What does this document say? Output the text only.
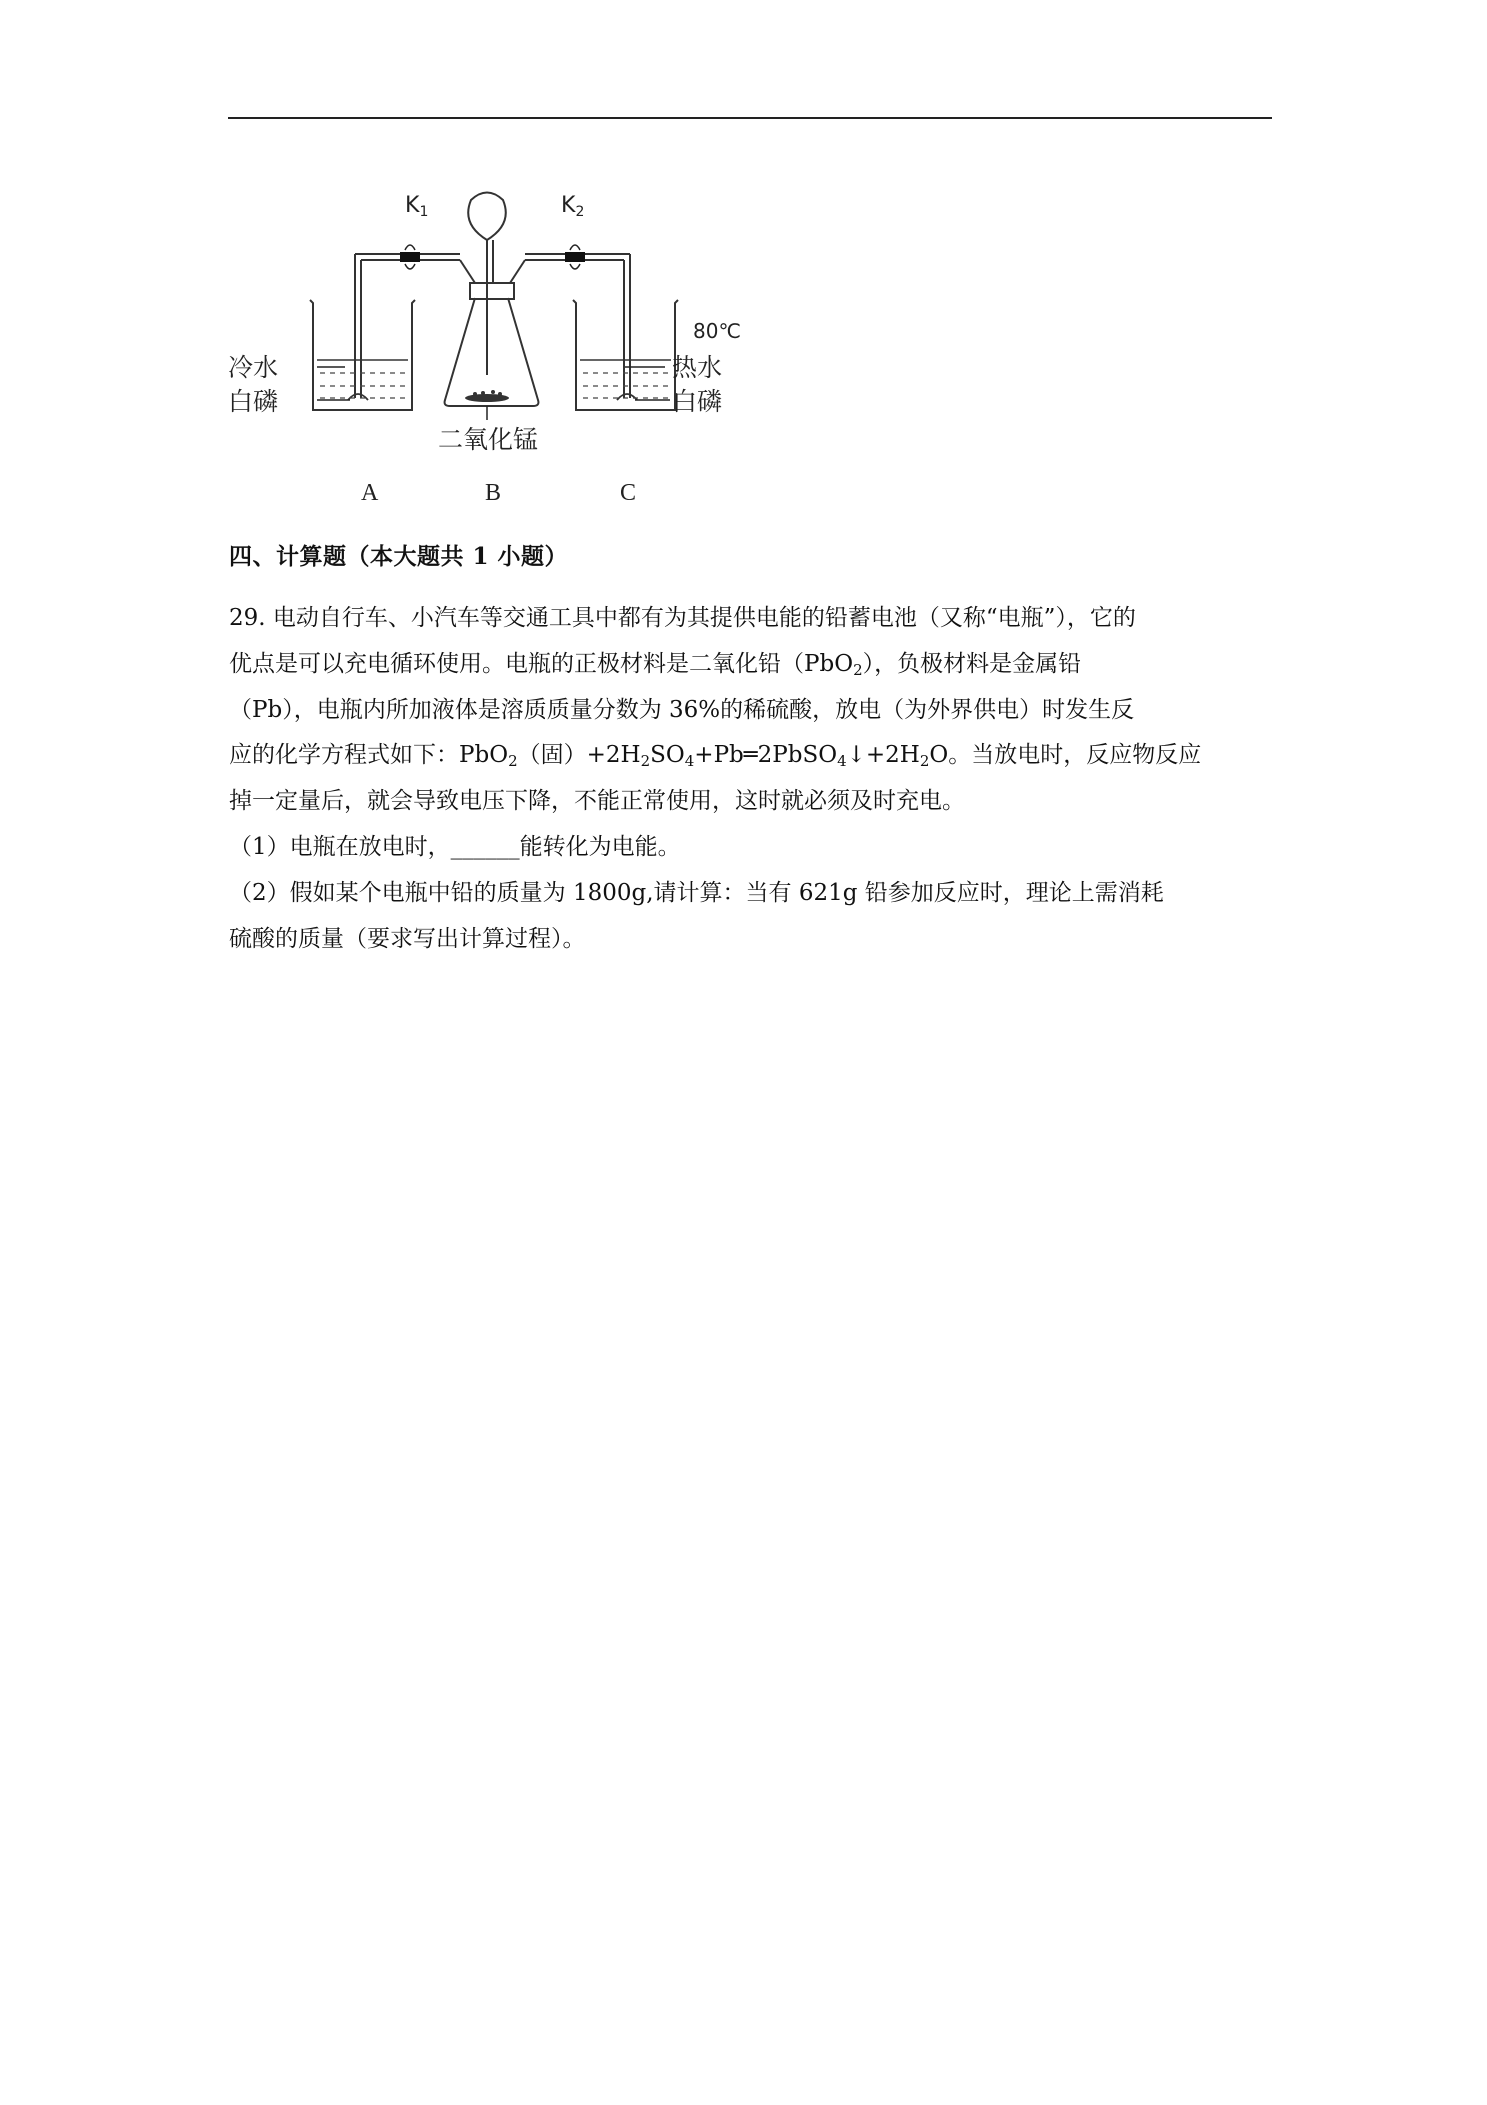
K1	K2
80℃
冷水
白磷
热水
白磷
二氧化锰
A	B	C
四、计算题（本大题共 1 小题）
29. 电动自行车、小汽车等交通工具中都有为其提供电能的铅蓄电池（又称“电瓶”），它的
优点是可以充电循环使用。电瓶的正极材料是二氧化铅（PbO$_2$），负极材料是金属铅
（Pb），电瓶内所加液体是溶质质量分数为 36%的稀硫酸，放电（为外界供电）时发生反
应的化学方程式如下：PbO$_2$（固）$+2H_2SO_4+Pb═2PbSO_4↓+2H_2O$。当放电时，反应物反应
掉一定量后，就会导致电压下降，不能正常使用，这时就必须及时充电。
（1）电瓶在放电时，______能转化为电能。
（2）假如某个电瓶中铅的质量为 1800g,请计算：当有 621g 铅参加反应时，理论上需消耗
硫酸的质量（要求写出计算过程）。
